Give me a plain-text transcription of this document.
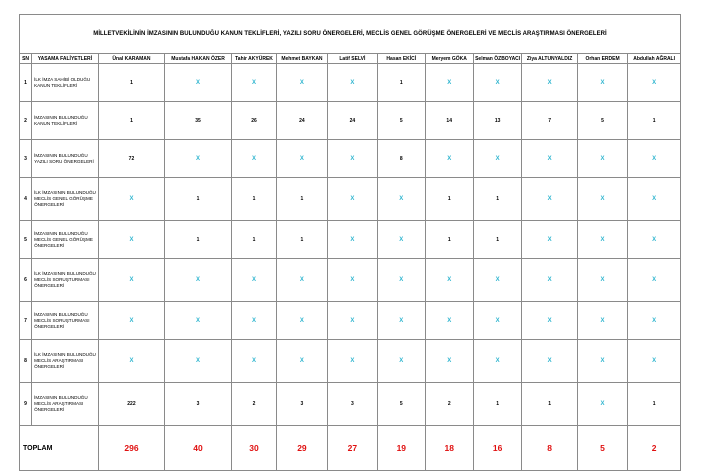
MİLLETVEKİLİNİN İMZASININ BULUNDUĞU KANUN TEKLİFLERİ, YAZILI SORU ÖNERGELERİ, MECLİS GENEL GÖRÜŞME ÖNERGELERİ VE MECLİS ARAŞTIRMASI ÖNERGELERİ												
SN	YASAMA FALİYETLERİ	Ünal KARAMAN	Mustafa HAKAN ÖZER	Tahir AKYÜREK	Mehmet BAYKAN	Latif SELVİ	Hasan EKİCİ	Meryem GÖKA	Selman ÖZBOYACI	Ziya ALTUNYALDIZ	Orhan ERDEM	Abdullah AĞRALI
1	İLK İMZA SAHİBİ OLDUĞU KANUN TEKLİFLERİ	1	X	X	X	X	1	X	X	X	X	X
2	İMZASININ BULUNDUĞU KANUN TEKLİFLERİ	1	35	26	24	24	5	14	13	7	5	1
3	İMZASININ BULUNDUĞU YAZILI SORU ÖNERGELERİ	72	X	X	X	X	8	X	X	X	X	X
4	İLK İMZASININ BULUNDUĞU MECLİS GENEL GÖRÜŞME ÖNERGELERİ	X	1	1	1	X	X	1	1	X	X	X
5	İMZASININ BULUNDUĞU MECLİS GENEL GÖRÜŞME ÖNERGELERİ	X	1	1	1	X	X	1	1	X	X	X
6	İLK İMZASININ BULUNDUĞU MECLİS SORUŞTURMASI ÖNERGELERİ	X	X	X	X	X	X	X	X	X	X	X
7	İMZASININ BULUNDUĞU MECLİS SORUŞTURMASI ÖNERGELERİ	X	X	X	X	X	X	X	X	X	X	X
8	İLK İMZASININ BULUNDUĞU MECLİS ARAŞTIRMASI ÖNERGELERİ	X	X	X	X	X	X	X	X	X	X	X
9	İMZASININ BULUNDUĞU MECLİS ARAŞTIRMASI ÖNERGELERİ	222	3	2	3	3	5	2	1	1	X	1
TOPLAM		296	40	30	29	27	19	18	16	8	5	2
